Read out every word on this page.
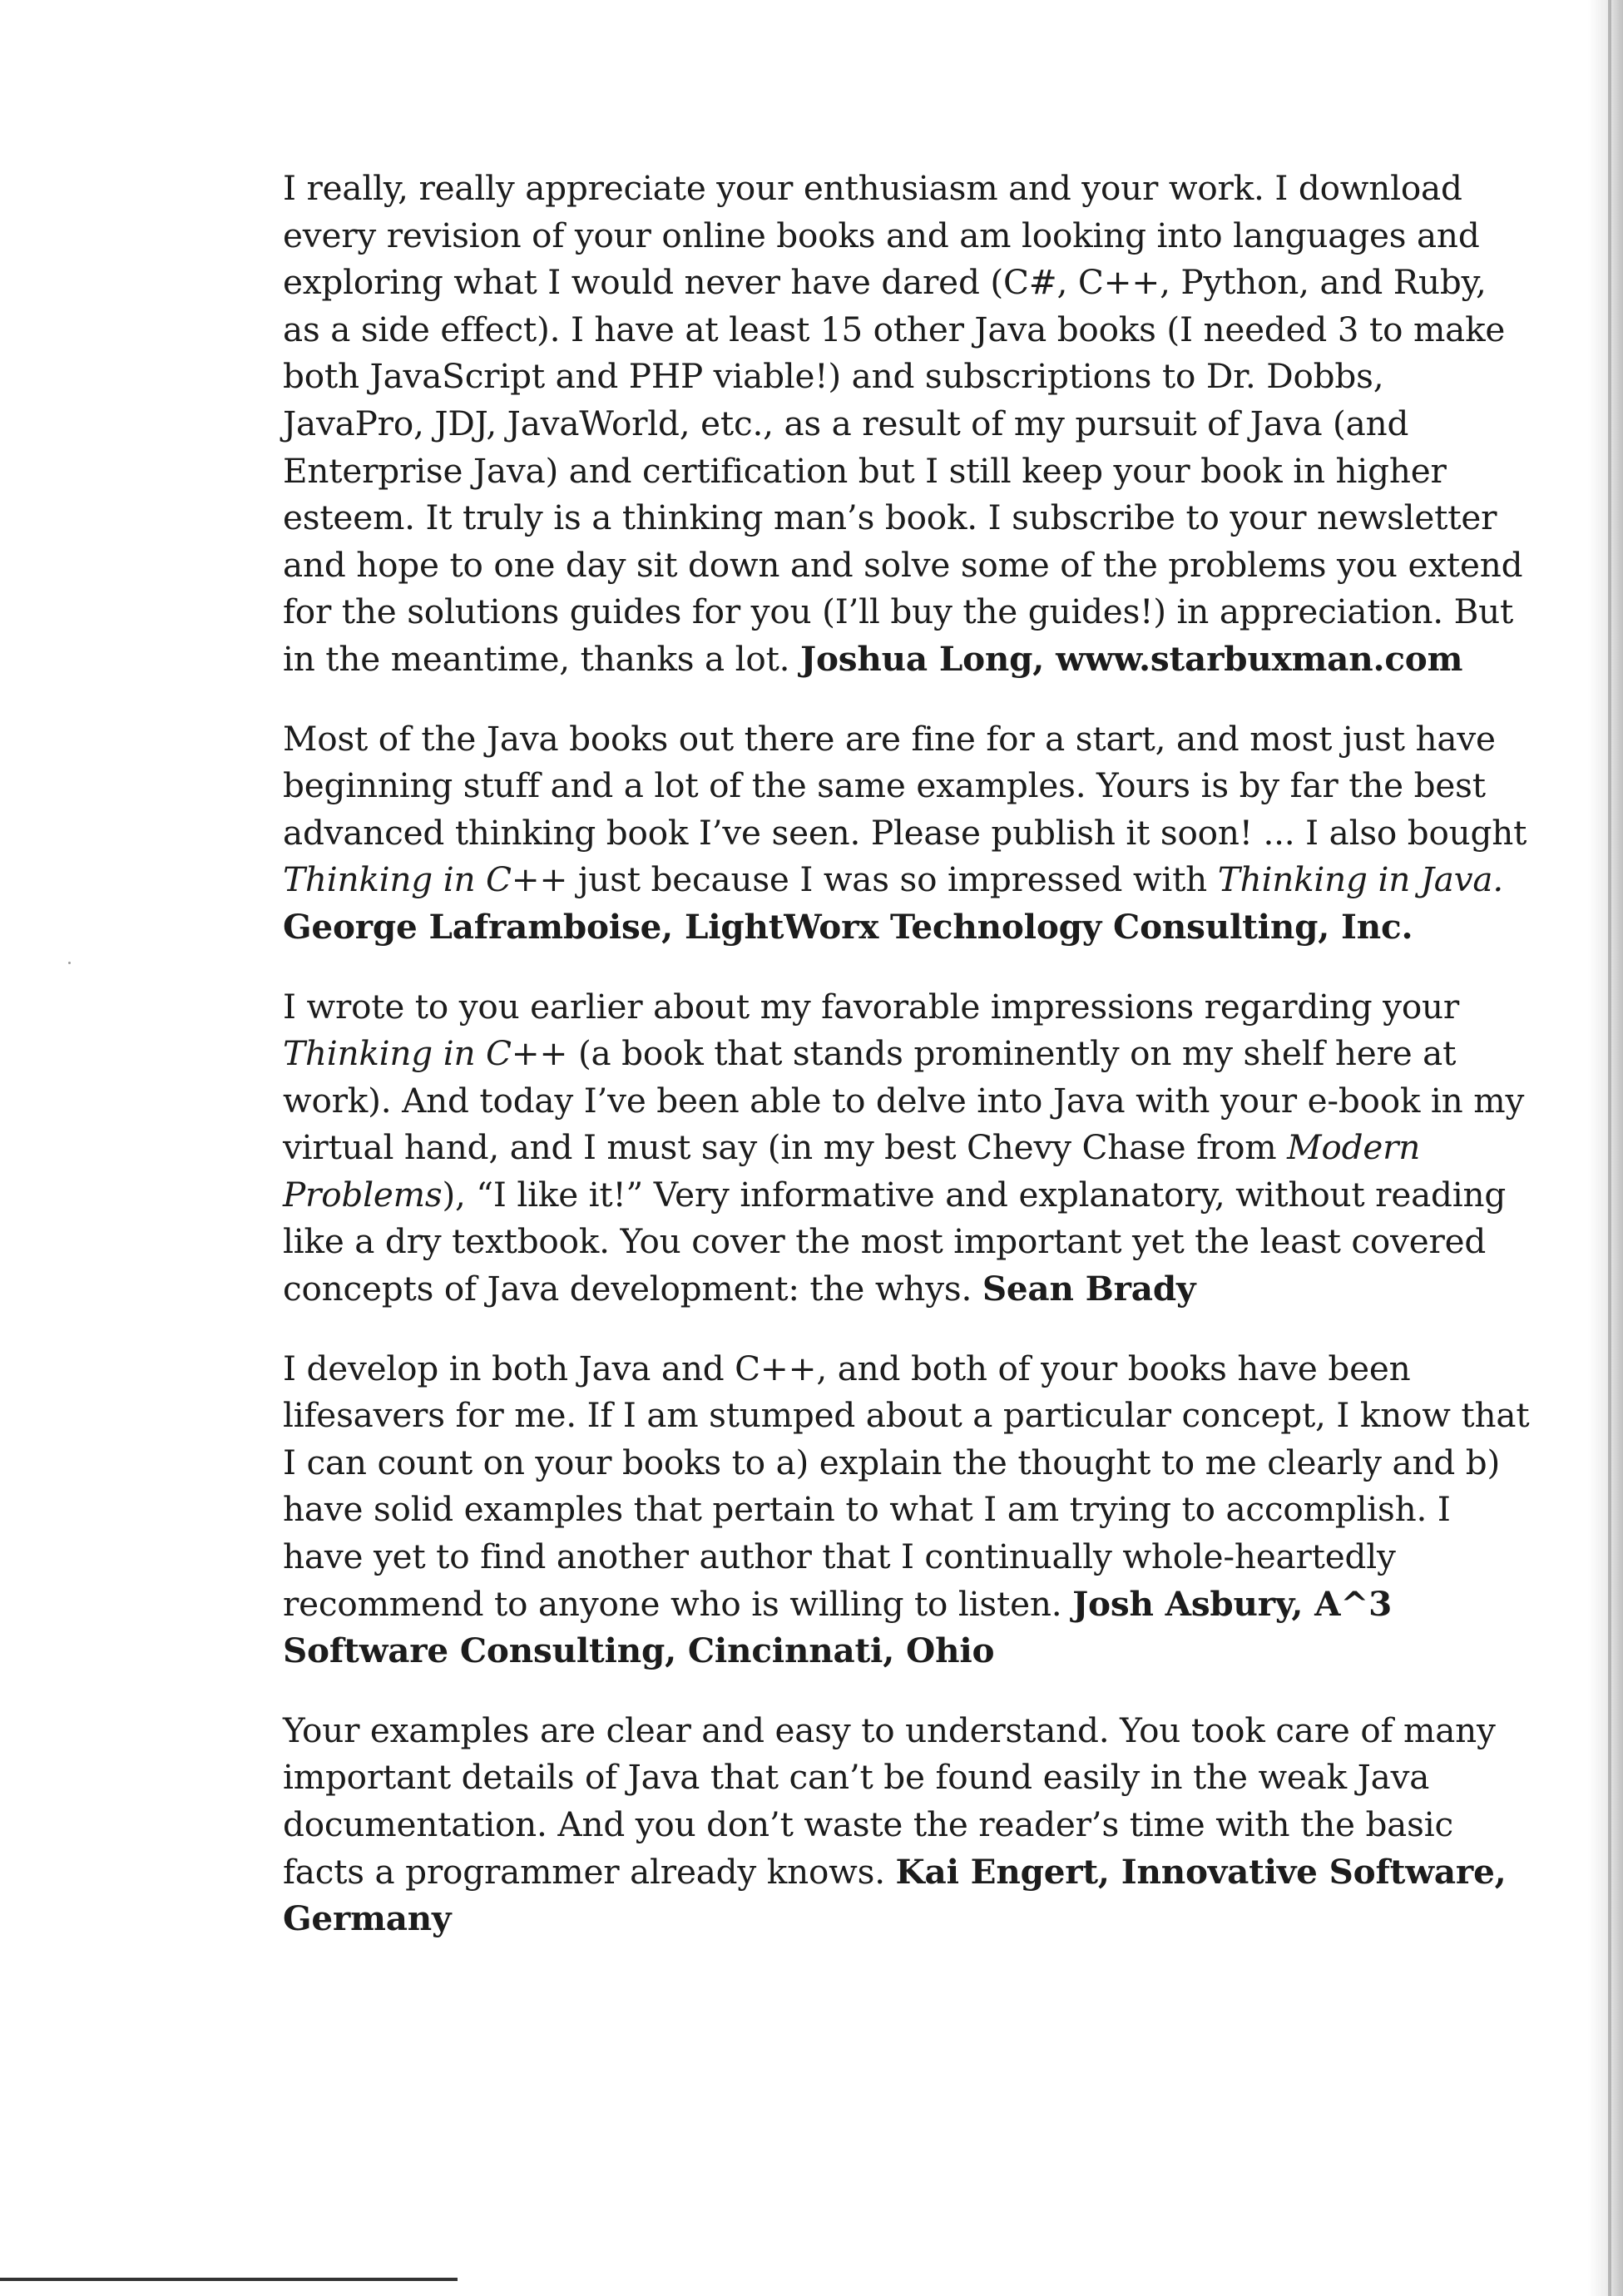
I really, really appreciate your enthusiasm and your work. I download every revision of your online books and am looking into languages and exploring what I would never have dared (C#, C++, Python, and Ruby, as a side effect). I have at least 15 other Java books (I needed 3 to make both JavaScript and PHP viable!) and subscriptions to Dr. Dobbs, JavaPro, JDJ, JavaWorld, etc., as a result of my pursuit of Java (and Enterprise Java) and certification but I still keep your book in higher esteem. It truly is a thinking man’s book. I subscribe to your newsletter and hope to one day sit down and solve some of the problems you extend for the solutions guides for you (I’ll buy the guides!) in appreciation. But in the meantime, thanks a lot. Joshua Long, www.starbuxman.com

Most of the Java books out there are fine for a start, and most just have beginning stuff and a lot of the same examples. Yours is by far the best advanced thinking book I’ve seen. Please publish it soon! ... I also bought Thinking in C++ just because I was so impressed with Thinking in Java. George Laframboise, LightWorx Technology Consulting, Inc.

I wrote to you earlier about my favorable impressions regarding your Thinking in C++ (a book that stands prominently on my shelf here at work). And today I’ve been able to delve into Java with your e-book in my virtual hand, and I must say (in my best Chevy Chase from Modern Problems), “I like it!” Very informative and explanatory, without reading like a dry textbook. You cover the most important yet the least covered concepts of Java development: the whys. Sean Brady

I develop in both Java and C++, and both of your books have been lifesavers for me. If I am stumped about a particular concept, I know that I can count on your books to a) explain the thought to me clearly and b) have solid examples that pertain to what I am trying to accomplish. I have yet to find another author that I continually whole-heartedly recommend to anyone who is willing to listen. Josh Asbury, A^3 Software Consulting, Cincinnati, Ohio

Your examples are clear and easy to understand. You took care of many important details of Java that can’t be found easily in the weak Java documentation. And you don’t waste the reader’s time with the basic facts a programmer already knows. Kai Engert, Innovative Software, Germany
